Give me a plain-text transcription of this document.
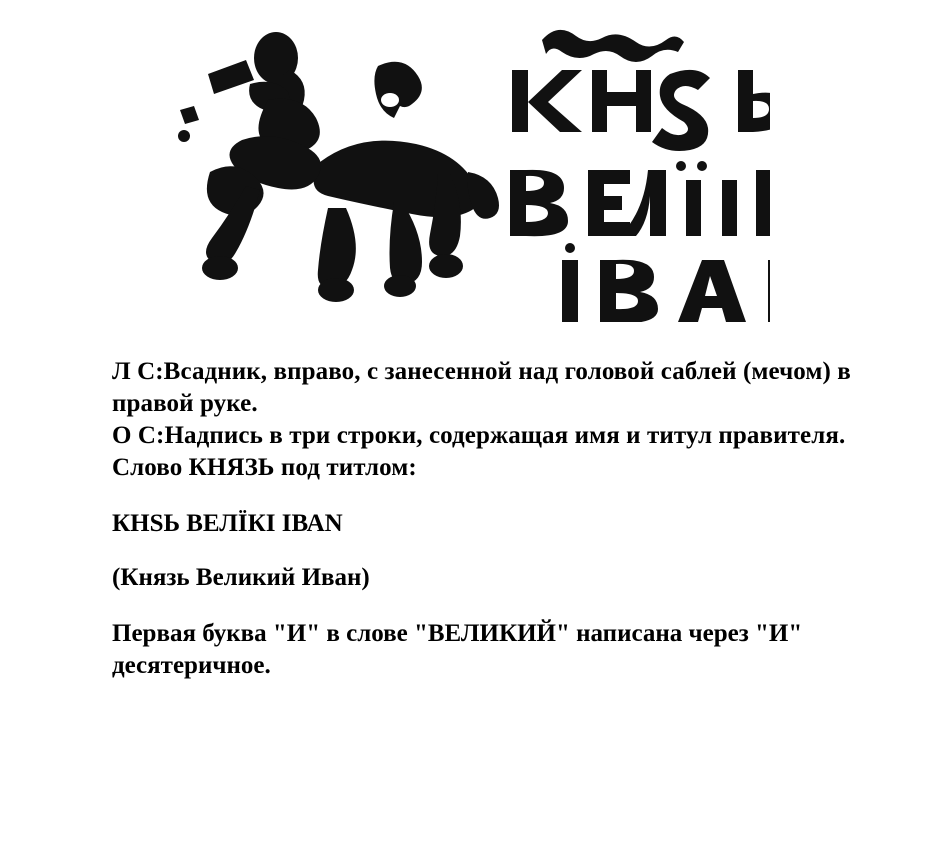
Л С:Всадник, вправо, с занесенной над головой саблей (мечом) в правой руке.
О С:Надпись в три строки, содержащая имя и титул правителя. Слово КНЯЗЬ под титлом:
КНSЬ ВЕЛЇКІ ІВАN
(Князь Великий Иван)
Первая буква "И" в слове "ВЕЛИКИЙ" написана через "И" десятеричное.
